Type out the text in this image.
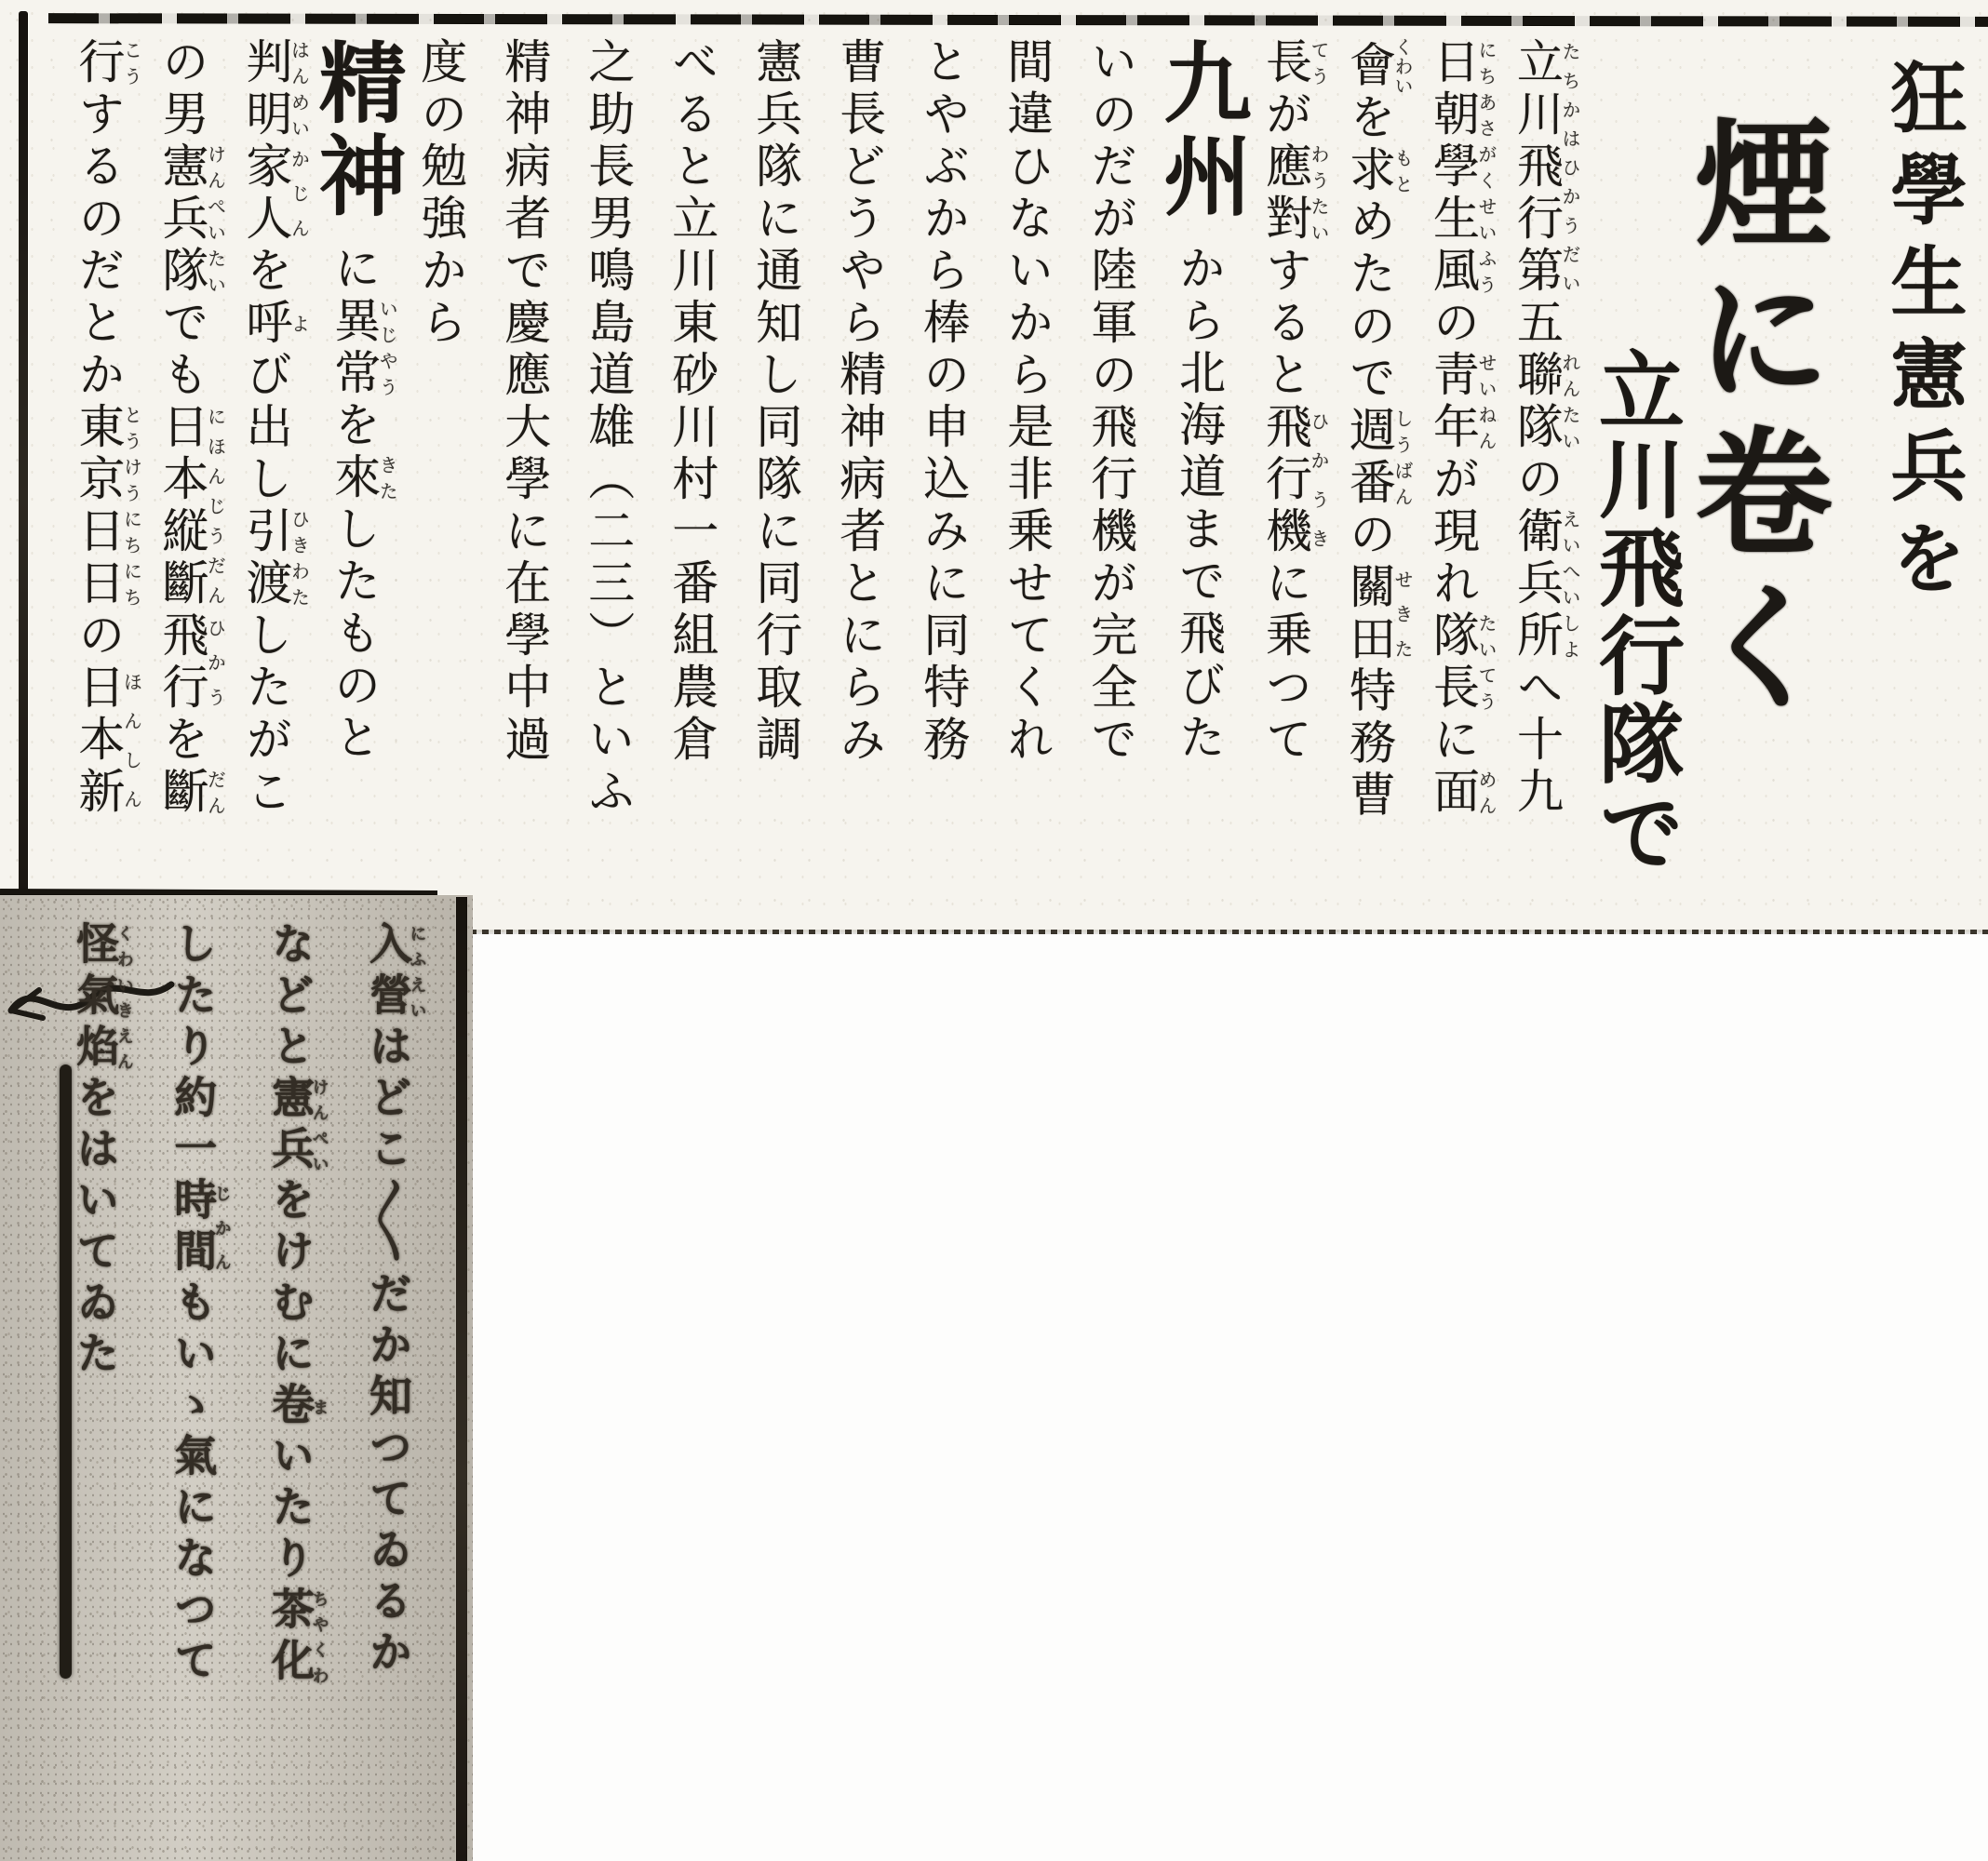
狂學生憲兵を
煙に卷く
立川飛行隊で

立川飛行第たちかはひかうだい五聯隊れんたいの衛兵所えいへいしよへ十九

日朝にちあさ學生風がくせいふうの靑年せいねんが現れ隊長たいてうに面めん

會くわいを求もとめたので週番しうばんの關田せきた特務曹

長てうが應對わうたいすると飛行機ひかうきに乗つて

九州から北海道まで飛びた

いのだが陸軍の飛行機が完全で

間違ひないから是非乗せてくれ

とやぶから棒の申込みに同特務

曹長どうやら精神病者とにらみ

憲兵隊に通知し同隊に同行取調

べると立川東砂川村一番組農倉

之助長男鳴島道雄（二三）といふ

精神病者で慶應大學に在學中過

度の勉強から

精神に異常いじやうを來きたしたものと

判明はんめい家人かじんを呼よび出し引渡ひきわたしたがこ

の男憲兵隊けんぺいたいでも日本縦斷にほんじうだん飛行ひかうを斷だん

行こうするのだとか東京日日とうけうにちにちの日本新ほんしん

入營にふえいはどこ〱だか知つてゐるか

などと憲兵けんぺいをけむに卷まいたり茶化ちやくわ

したり約一時間じかんもいゝ氣になつて

怪氣焰くわいきえんをはいてゐた
